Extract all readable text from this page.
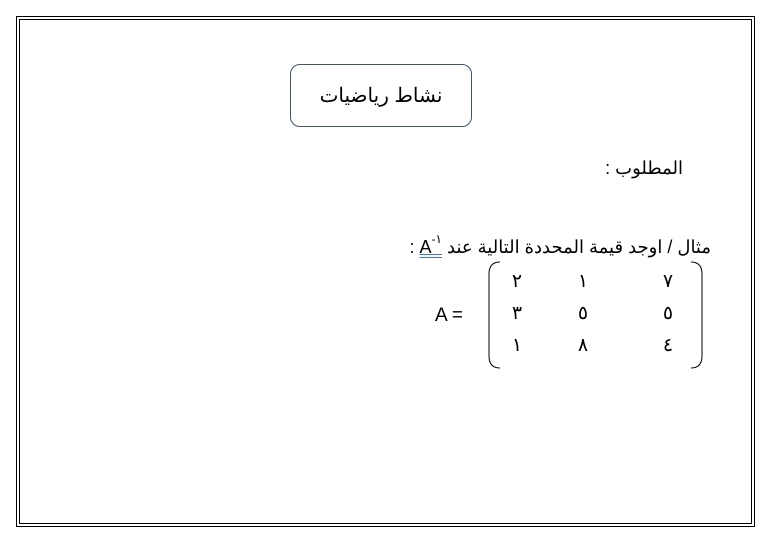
نشاط رياضيات
المطلوب :
مثال / اوجد قيمة المحددة التالية عند $A^{-١}$ :
A =
٧
١
٢
٥
٥
٣
٤
٨
١
